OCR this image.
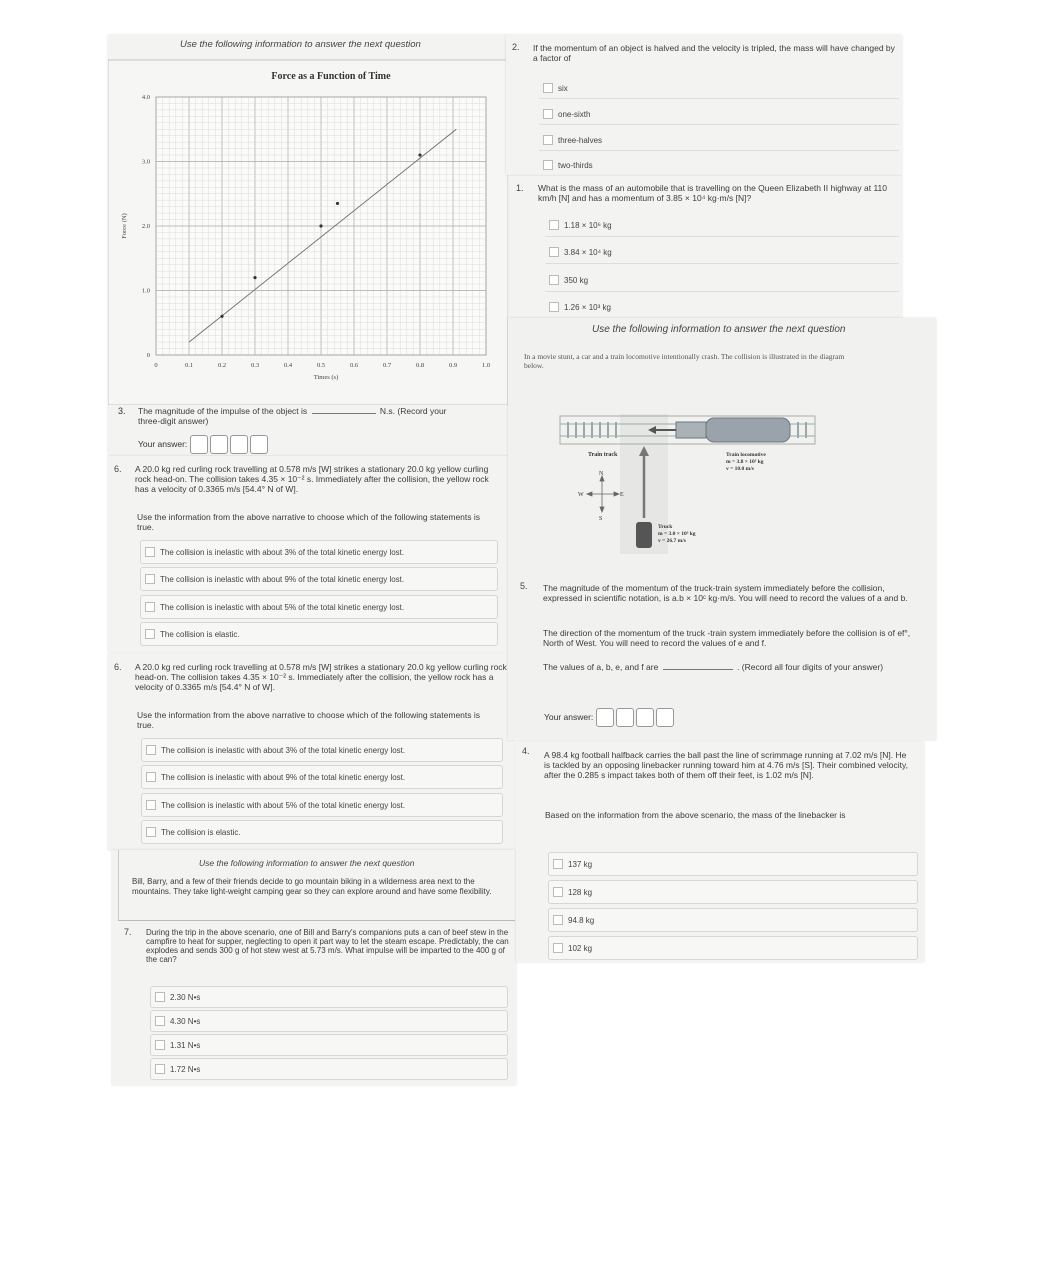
Use the following information to answer the next question
Force as a Function of Time
0	0.1	0.2	0.3	0.4	0.5	0.6	0.7	0.8	0.9	1.0
0
1.0
2.0
3.0
4.0
Times (s)
Force (N)
3. The magnitude of the impulse of the object is	N.s. (Record your
three-digit answer)
Your answer:
6. A 20.0 kg red curling rock travelling at 0.578 m/s [W] strikes a stationary 20.0 kg yellow curling rock head-on. The collision takes 4.35 × 10⁻² s. Immediately after the collision, the yellow rock has a velocity of 0.3365 m/s [54.4° N of W].
Use the information from the above narrative to choose which of the following statements is true.
The collision is inelastic with about 3% of the total kinetic energy lost.
The collision is inelastic with about 9% of the total kinetic energy lost.
The collision is inelastic with about 5% of the total kinetic energy lost.
The collision is elastic.
6. A 20.0 kg red curling rock travelling at 0.578 m/s [W] strikes a stationary 20.0 kg yellow curling rock head-on. The collision takes 4.35 × 10⁻² s. Immediately after the collision, the yellow rock has a velocity of 0.3365 m/s [54.4° N of W].
Use the information from the above narrative to choose which of the following statements is true.
The collision is inelastic with about 3% of the total kinetic energy lost.
The collision is inelastic with about 9% of the total kinetic energy lost.
The collision is inelastic with about 5% of the total kinetic energy lost.
The collision is elastic.
Use the following information to answer the next question
Bill, Barry, and a few of their friends decide to go mountain biking in a wilderness area next to the mountains. They take light-weight camping gear so they can explore around and have some flexibility.
7. During the trip in the above scenario, one of Bill and Barry's companions puts a can of beef stew in the campfire to heat for supper, neglecting to open it part way to let the steam escape. Predictably, the can explodes and sends 300 g of hot stew west at 5.73 m/s. What impulse will be imparted to the 400 g of the can?
2.30 N•s
4.30 N•s
1.31 N•s
1.72 N•s
2. If the momentum of an object is halved and the velocity is tripled, the mass will have changed by a factor of
six
one-sixth
three-halves
two-thirds
1. What is the mass of an automobile that is travelling on the Queen Elizabeth II highway at 110 km/h [N] and has a momentum of 3.85 × 10⁴ kg·m/s [N]?
1.18 × 10⁶ kg
3.84 × 10⁴ kg
350 kg
1.26 × 10³ kg
Use the following information to answer the next question
In a movie stunt, a car and a train locomotive intentionally crash. The collision is illustrated in the diagram below.
N
S
E
W
Train track	Train locomotive
m = 3.8 × 10⁵ kg
v = 10.0 m/s
Truck
m = 3.0 × 10³ kg
v = 26.7 m/s
5. The magnitude of the momentum of the truck-train system immediately before the collision, expressed in scientific notation, is a.b × 10ᶜ kg·m/s. You will need to record the values of a and b.
The direction of the momentum of the truck -train system immediately before the collision is of ef°, North of West. You will need to record the values of e and f.
The values of a, b, e, and f are	. (Record all four digits of your answer)
Your answer:
4. A 98.4 kg football halfback carries the ball past the line of scrimmage running at 7.02 m/s [N]. He is tackled by an opposing linebacker running toward him at 4.76 m/s [S]. Their combined velocity, after the 0.285 s impact takes both of them off their feet, is 1.02 m/s [N].
Based on the information from the above scenario, the mass of the linebacker is
137 kg
128 kg
94.8 kg
102 kg
